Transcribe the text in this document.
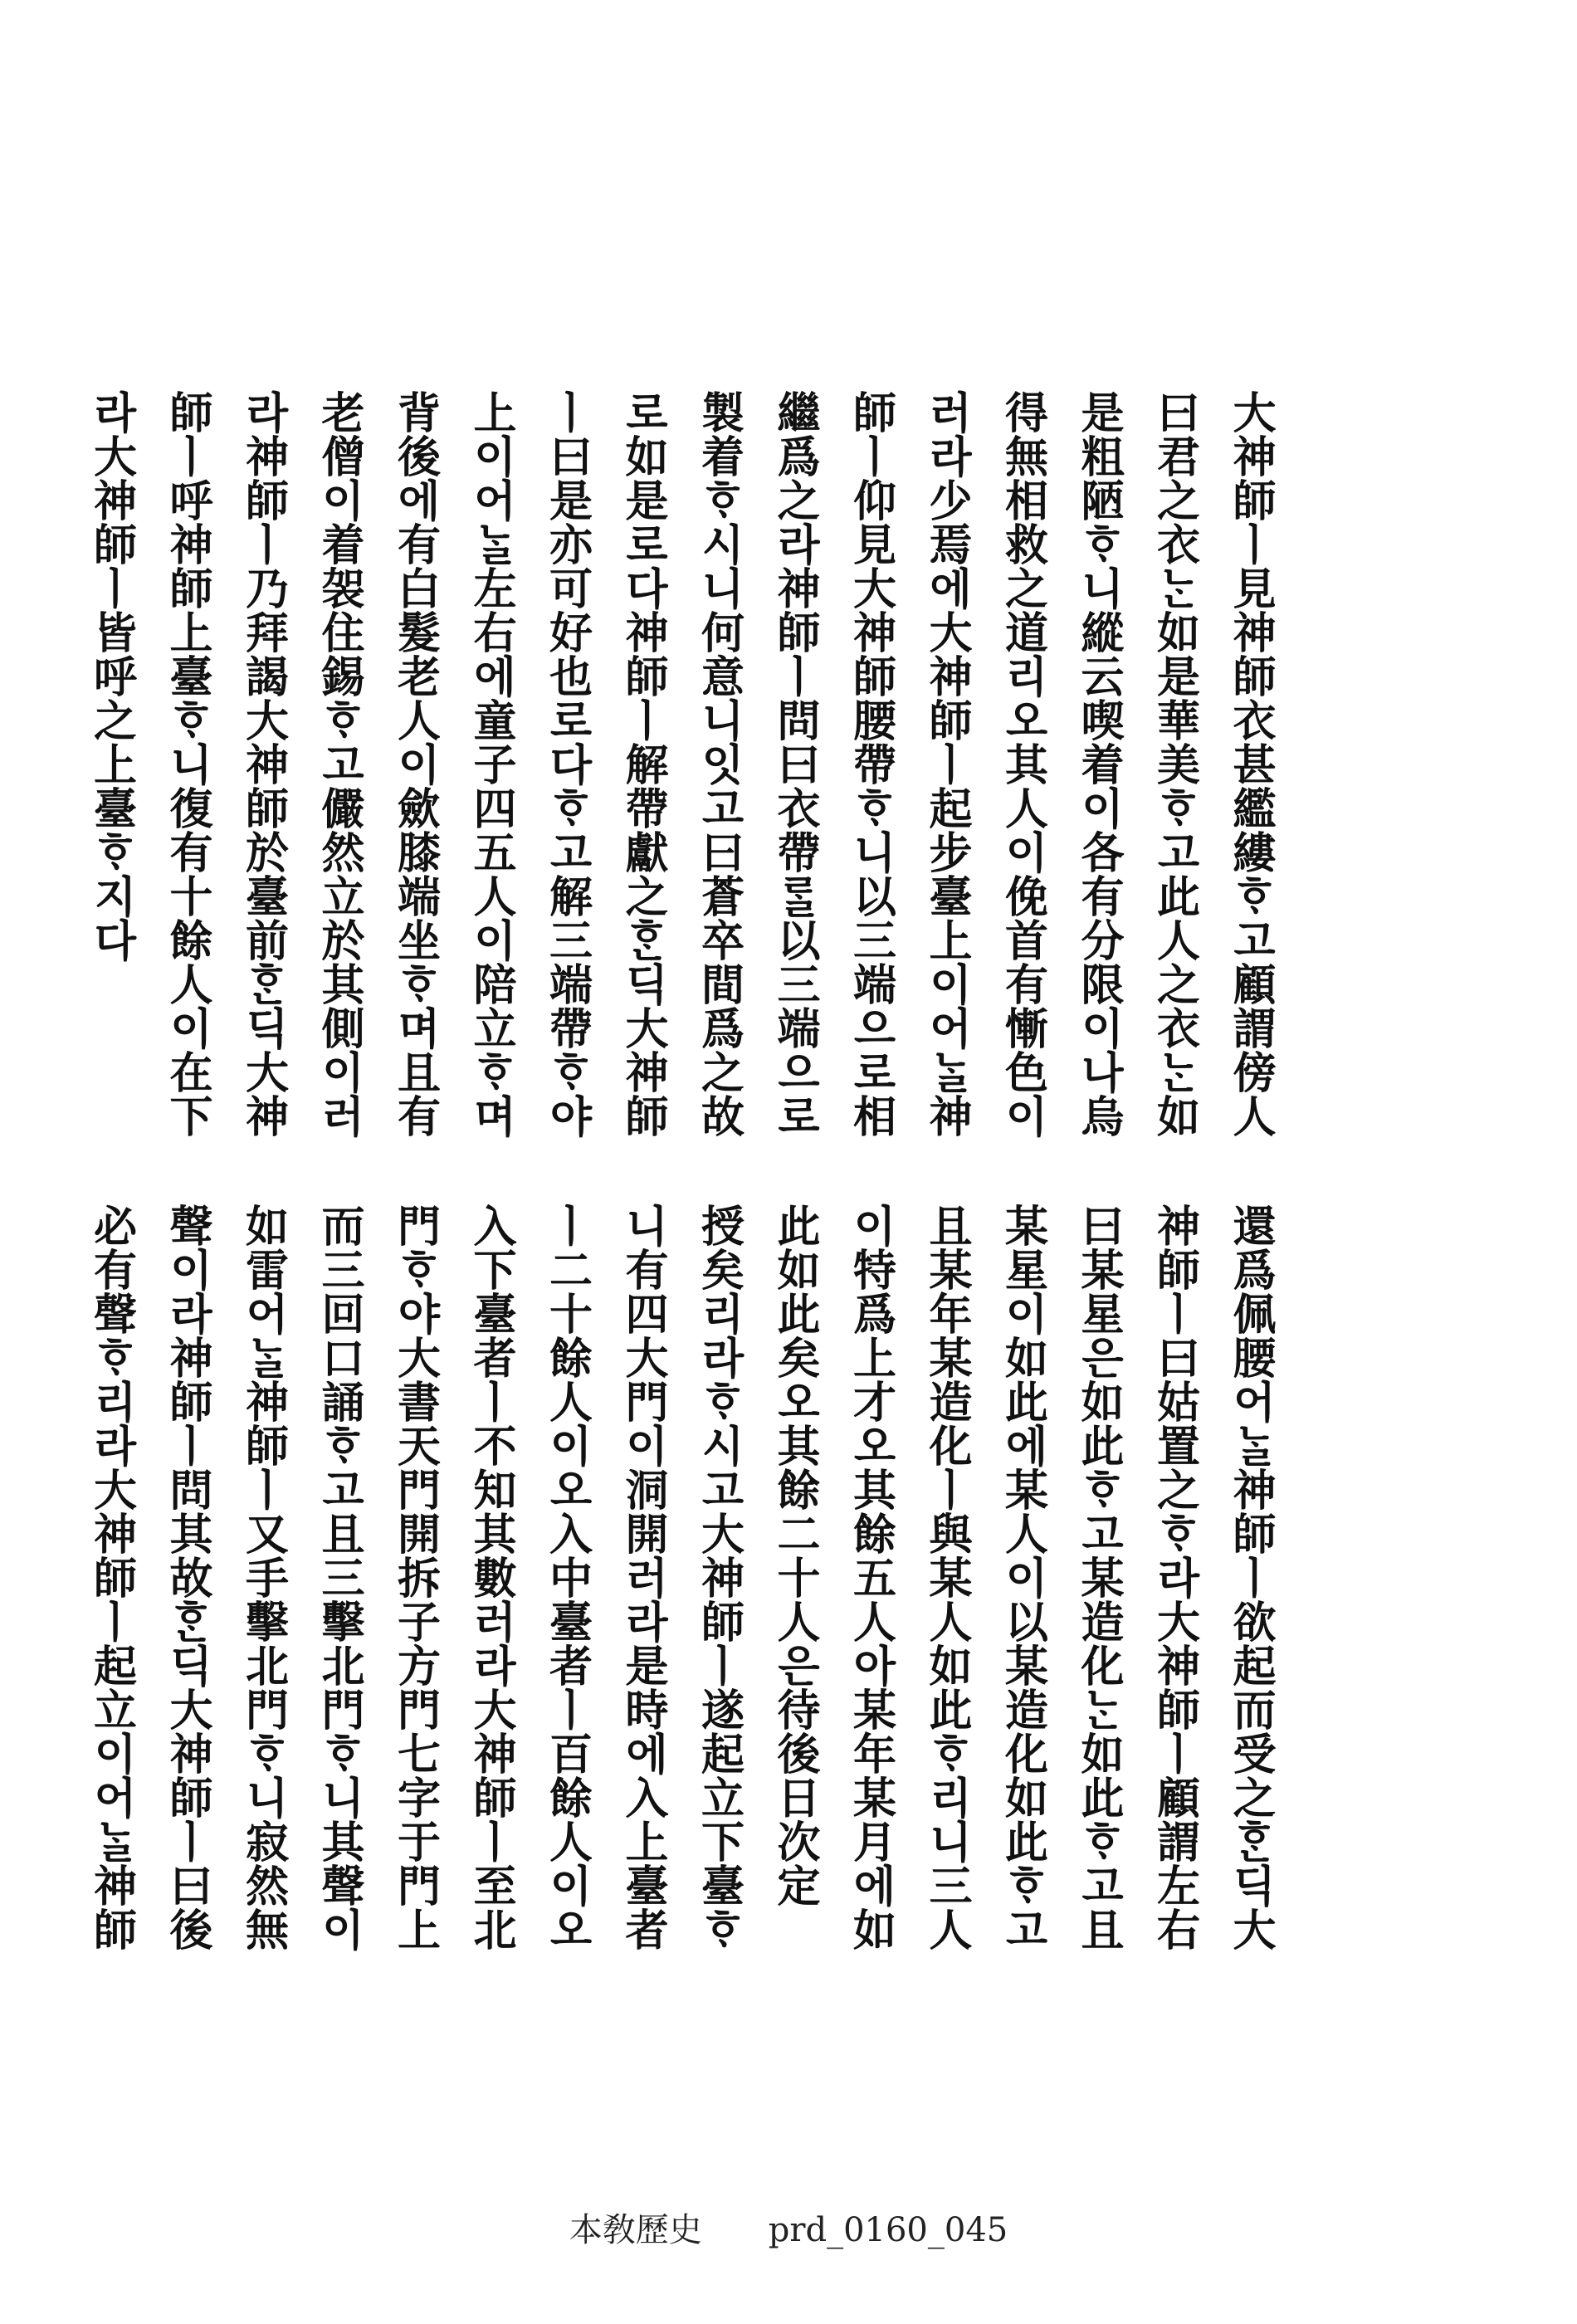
大神師ㅣ見神師衣甚繿縷ᄒᆞ고顧謂傍人
曰君之衣ᄂᆞᆫ如是華美ᄒᆞ고此人之衣ᄂᆞᆫ如
是粗陋ᄒᆞ니縱云喫着이各有分限이나烏
得無相救之道리오其人이俛首有慚色이
러라少焉에大神師ㅣ起步臺上이어ᄂᆞᆯ神
師ㅣ仰見大神師腰帶ᄒᆞ니以三端으로相
繼爲之라神師ㅣ問曰衣帶ᄅᆞᆯ以三端으로
製着ᄒᆞ시니何意니잇고曰蒼卒間爲之故
로如是로다神師ㅣ解帶獻之ᄒᆞᆫ딕大神師
ㅣ曰是亦可好也로다ᄒᆞ고解三端帶ᄒᆞ야
上이어ᄂᆞᆯ左右에童子四五人이陪立ᄒᆞ며
背後에有白髮老人이歛膝端坐ᄒᆞ며且有
老僧이着袈住錫ᄒᆞ고儼然立於其側이러
라神師ㅣ乃拜謁大神師於臺前ᄒᆞᆫ딕大神
師ㅣ呼神師上臺ᄒᆞ니復有十餘人이在下
라大神師ㅣ皆呼之上臺ᄒᆞ지다
還爲佩腰어ᄂᆞᆯ神師ㅣ欲起而受之ᄒᆞᆫ딕大
神師ㅣ曰姑置之ᄒᆞ라大神師ㅣ顧謂左右
曰某星은如此ᄒᆞ고某造化ᄂᆞᆫ如此ᄒᆞ고且
某星이如此에某人이以某造化如此ᄒᆞ고
且某年某造化ㅣ與某人如此ᄒᆞ리니三人
이特爲上才오其餘五人아某年某月에如
此如此矣오其餘二十人은待後日次定
授矣리라ᄒᆞ시고大神師ㅣ遂起立下臺ᄒᆞ
니有四大門이洞開러라是時에入上臺者
ㅣ二十餘人이오入中臺者ㅣ百餘人이오
入下臺者ㅣ不知其數러라大神師ㅣ至北
門ᄒᆞ야大書天門開拆子方門七字于門上
而三回口誦ᄒᆞ고且三擊北門ᄒᆞ니其聲이
如雷어ᄂᆞᆯ神師ㅣ又手擊北門ᄒᆞ니寂然無
聲이라神師ㅣ問其故ᄒᆞᆫ딕大神師ㅣ曰後
必有聲ᄒᆞ리라大神師ㅣ起立이어ᄂᆞᆯ神師
本敎歷史 prd_0160_045
